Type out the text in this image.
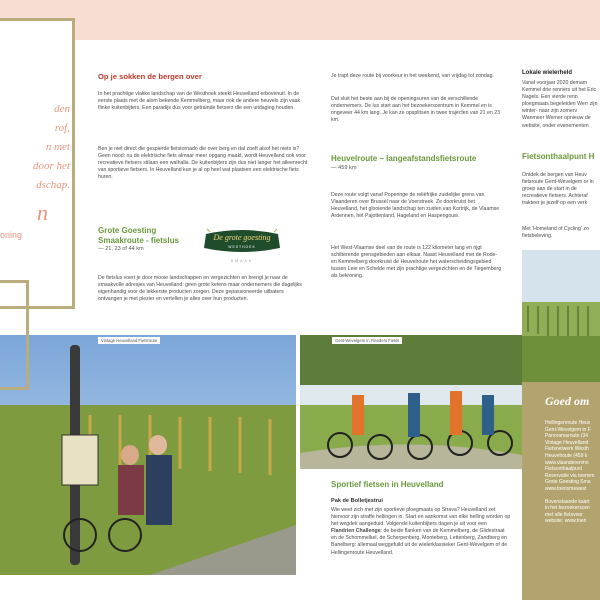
den
rof,
n met
door het
dschap.
n
oning
Op je sokken de bergen over
In het prachtige vlakke landschap van de Westhoek steekt Heuvelland erbovenuit. In de eerste plaats met de alom bekende Kemmelberg, maar ook de andere heuvels zijn vaak flinke kuitenbijters. Een paradijs dus voor getrainde fietsers die een uitdaging houden.
Ben je niet direct die gespierde fietstornado die over berg en dal zoeft alsof het niets is? Geen nood: nu de elektrische fiets almaar meer opgang maakt, wordt Heuvelland ook voor recreatieve fietsers stilaan een walhalla. De kuitenbijters zijn dus niet langer het alleenrecht van sportieve fietsers. In Heuvelland kun je al op heel wat plaatsen een elektrische fiets huren.
Grote Goesting Smaakroute - fietslus
— 21, 23 of 44 km
De fietslus voert je door mooie landschappen en vergezichten en brengt je naar de smaakvolle adresjes van Heuvelland: geen grote ketens maar ondernemers die dagelijks eigenhandig voor de lekkerste producten zorgen. Deze gepassioneerde uitbaters ontvangen je met plezier en vertellen je alles over hun producten.
De grote goesting
WESTHOEK
SMAAK
Je trapt deze route bij voorkeur in het weekend, van vrijdag tot zondag.
Dat sluit het beste aan bij de openingsuren van de verschillende ondernemers. De lus start aan het bezoekerscentrum in Kemmel en is ongeveer 44 km lang. Je kan ze opsplitsen in twee trajecten van 21 en 23 km.
Heuvelroute – langeafstandsfietsroute
— 459 km
Deze route volgt vanaf Poperinge de reliëfrijke zuidelijke grens van Vlaanderen over Brussel naar de Voerstreek. Ze doorkruist het Heuvelland, het glooiende landschap ten zuiden van Kortrijk, de Vlaamse Ardennen, het Pajottenland, Hageland en Haspengouw.
Het West-Vlaamse deel van de route is 122 kilometer lang en rijgt schitterende grensgebieden aan elkaar. Naast Heuvelland met de Rode- en Kemmelberg doorkruist de Heuvelroute het waterscheidingsgebied tussen Leie en Schelde met zijn prachtige vergezichten en de Tiegemberg als bekroning.
Lokale wielerheld
Vanaf voorjaar 2020 demam Kemmel drie renners uit het Eric Nagels. Een vierde renn ploegmaats begeleiden Werr zijn winter- naar zijn zomerv Wanmeer Werner opnieuw de website, onder evenementen
Fietsonthaalpunt H
Ontdek de bergen van Heuv fietsroute Gent-Wevelgem or in groep aan de start in de recreatieve fietsers. Achteraf trakteer je jezelf op een verk
Met 'Homeland of Cycling' zo fietsbeleving.
Vintage Heuvelland Fietsroute	Gent-Wevelgem in Flanders Fields
Sportief fietsen in Heuvelland
Pak de Bolletjestrui
Wie weet zich met zijn sportieve ploegmaats op Strava? Heuvelland zet hiervoor zijn straffe hellingen in. Start en aankomst van elke helling worden op het wegdek aangeduid. Volgende kuitenbijters dagen je uit voor een Flandrien Challenge: de beide flanken van de Kemmelberg, de Glidestraat en de Schommelkel, de Scherpenberg, Monteberg, Lettenberg, Zandberg en Banelberg: allemaal weggefuild uit de wielerklassieker Gent-Wevelgem of de Hellingenroute Heuvelland.
Goed om
Hellingenroute Heuv
Gent-Wevelgem in F
Panoramaroute (34
Vintage Heuvelland
Fietsnetwerk Westh
Heuvelroute (459 k
www.vlaanderenmo
Fietsonthaalpunt
Reservatie via toerism
Grote Goesting Sma
www.toerismewest
Bovenstaande kaart
in het bezoekerscen
met alle fietsvoor
website: www.toeri
